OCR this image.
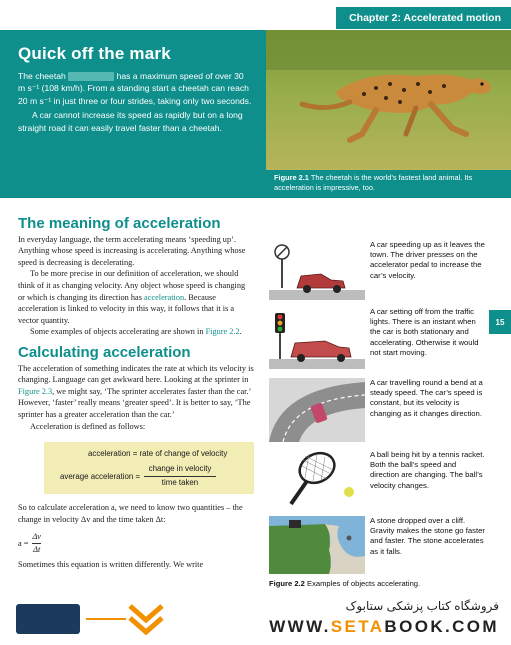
Chapter 2: Accelerated motion
Quick off the mark

The cheetah	has a maximum speed of over 30 m s⁻¹ (108 km/h). From a standing start a cheetah can reach 20 m s⁻¹ in just three or four strides, taking only two seconds.

A car cannot increase its speed as rapidly but on a long straight road it can easily travel faster than a cheetah.

Figure 2.1 The cheetah is the world’s fastest land animal. Its acceleration is impressive, too.
The meaning of acceleration

In everyday language, the term accelerating means ‘speeding up’. Anything whose speed is increasing is accelerating. Anything whose speed is decreasing is decelerating.

To be more precise in our definition of acceleration, we should think of it as changing velocity. Any object whose speed is changing or which is changing its direction has acceleration. Because acceleration is linked to velocity in this way, it follows that it is a vector quantity.

Some examples of objects accelerating are shown in Figure 2.2.

Calculating acceleration

The acceleration of something indicates the rate at which its velocity is changing. Language can get awkward here. Looking at the sprinter in Figure 2.3, we might say, ‘The sprinter accelerates faster than the car.’ However, ‘faster’ really means ‘greater speed’. It is better to say, ‘The sprinter has a greater acceleration than the car.’

Acceleration is defined as follows:

acceleration = rate of change of velocity
average acceleration =
change in velocity
time taken

So to calculate acceleration a, we need to know two quantities – the change in velocity Δv and the time taken Δt:

$a = \frac{\Delta v}{\Delta t}$

Sometimes this equation is written differently. We write

A car speeding up as it leaves the town. The driver presses on the accelerator pedal to increase the car’s velocity.
A car setting off from the traffic lights. There is an instant when the car is both stationary and accelerating. Otherwise it would not start moving.
A car travelling round a bend at a steady speed. The car’s speed is constant, but its velocity is changing as it changes direction.
A ball being hit by a tennis racket. Both the ball’s speed and direction are changing. The ball’s velocity changes.
A stone dropped over a cliff. Gravity makes the stone go faster and faster. The stone accelerates as it falls.
Figure 2.2 Examples of objects accelerating.
15
فروشگاه کتاب پزشکی ستابوک
WWW.SETABOOK.COM
